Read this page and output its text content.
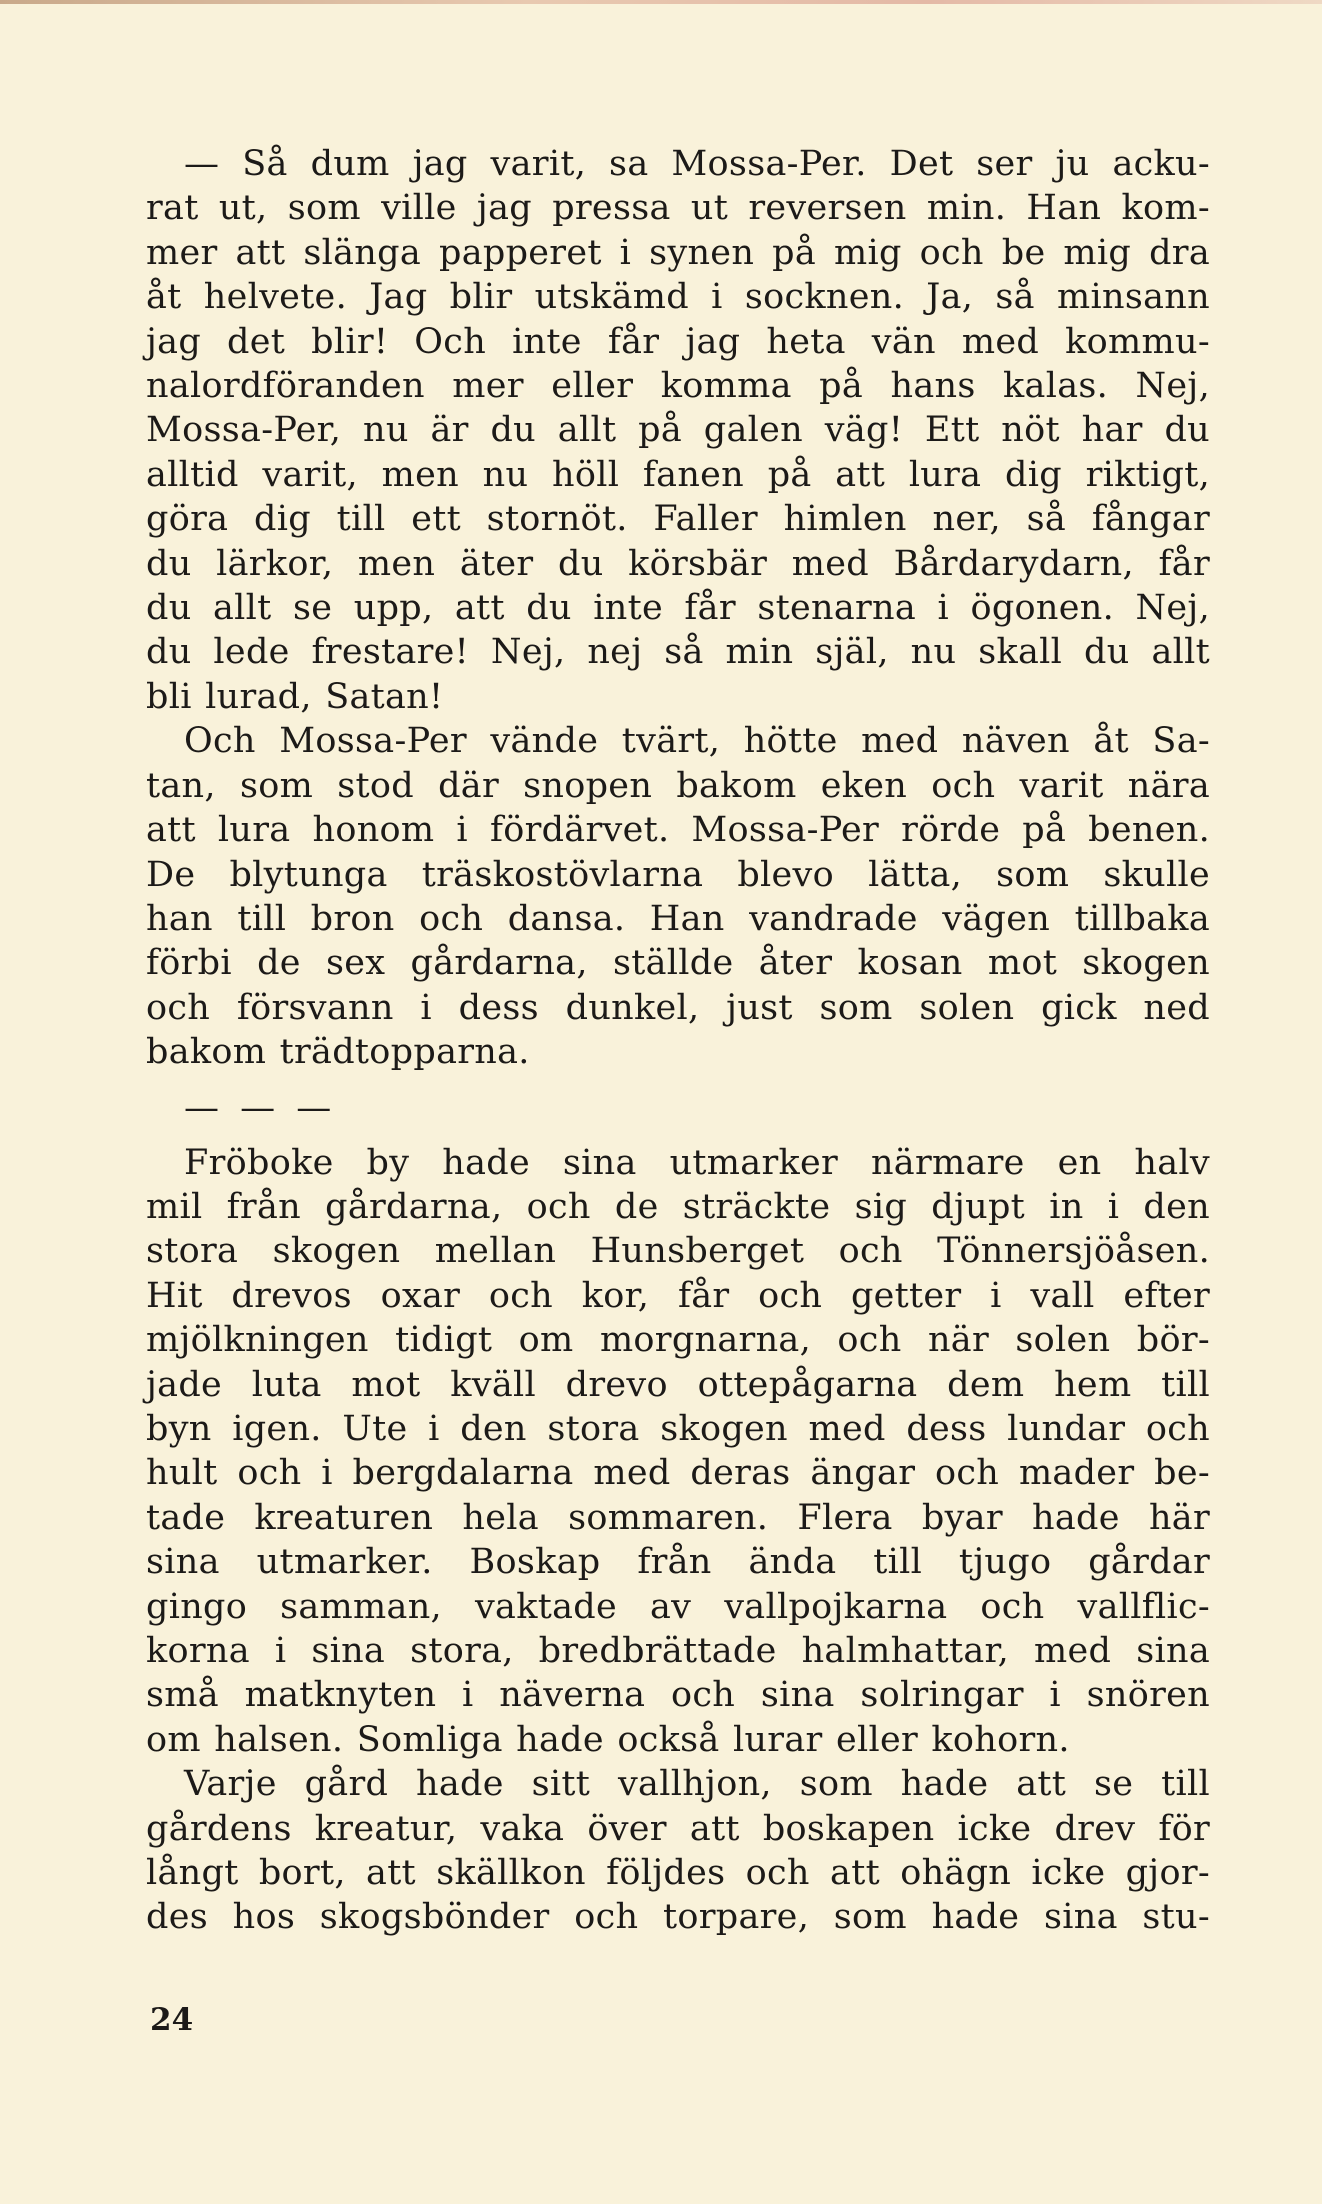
— Så dum jag varit, sa Mossa-Per. Det ser ju acku-
rat ut, som ville jag pressa ut reversen min. Han kom-
mer att slänga papperet i synen på mig och be mig dra
åt helvete. Jag blir utskämd i socknen. Ja, så minsann
jag det blir! Och inte får jag heta vän med kommu-
nalordföranden mer eller komma på hans kalas. Nej,
Mossa-Per, nu är du allt på galen väg! Ett nöt har du
alltid varit, men nu höll fanen på att lura dig riktigt,
göra dig till ett stornöt. Faller himlen ner, så fångar
du lärkor, men äter du körsbär med Bårdarydarn, får
du allt se upp, att du inte får stenarna i ögonen. Nej,
du lede frestare! Nej, nej så min själ, nu skall du allt
bli lurad, Satan!
Och Mossa-Per vände tvärt, hötte med näven åt Sa-
tan, som stod där snopen bakom eken och varit nära
att lura honom i fördärvet. Mossa-Per rörde på benen.
De blytunga träskostövlarna blevo lätta, som skulle
han till bron och dansa. Han vandrade vägen tillbaka
förbi de sex gårdarna, ställde åter kosan mot skogen
och försvann i dess dunkel, just som solen gick ned
bakom trädtopparna.
— — —
Fröboke by hade sina utmarker närmare en halv
mil från gårdarna, och de sträckte sig djupt in i den
stora skogen mellan Hunsberget och Tönnersjöåsen.
Hit drevos oxar och kor, får och getter i vall efter
mjölkningen tidigt om morgnarna, och när solen bör-
jade luta mot kväll drevo ottepågarna dem hem till
byn igen. Ute i den stora skogen med dess lundar och
hult och i bergdalarna med deras ängar och mader be-
tade kreaturen hela sommaren. Flera byar hade här
sina utmarker. Boskap från ända till tjugo gårdar
gingo samman, vaktade av vallpojkarna och vallflic-
korna i sina stora, bredbrättade halmhattar, med sina
små matknyten i näverna och sina solringar i snören
om halsen. Somliga hade också lurar eller kohorn.
Varje gård hade sitt vallhjon, som hade att se till
gårdens kreatur, vaka över att boskapen icke drev för
långt bort, att skällkon följdes och att ohägn icke gjor-
des hos skogsbönder och torpare, som hade sina stu-
24
